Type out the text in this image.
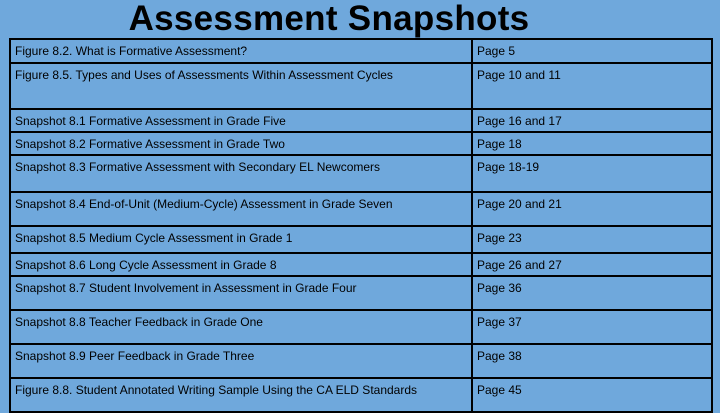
Assessment Snapshots
Figure 8.2. What is Formative Assessment?	Page 5
Figure 8.5. Types and Uses of Assessments Within Assessment Cycles	Page 10 and 11
Snapshot 8.1 Formative Assessment in Grade Five	Page 16 and 17
Snapshot 8.2 Formative Assessment in Grade Two	Page 18
Snapshot 8.3 Formative Assessment with Secondary EL Newcomers	Page 18-19
Snapshot 8.4 End-of-Unit (Medium-Cycle) Assessment in Grade Seven	Page 20 and 21
Snapshot 8.5 Medium Cycle Assessment in Grade 1	Page 23
Snapshot 8.6 Long Cycle Assessment in Grade 8	Page 26 and 27
Snapshot 8.7 Student Involvement in Assessment in Grade Four	Page 36
Snapshot 8.8 Teacher Feedback in Grade One	Page 37
Snapshot 8.9 Peer Feedback in Grade Three	Page 38
Figure 8.8. Student Annotated Writing Sample Using the CA ELD Standards	Page 45
